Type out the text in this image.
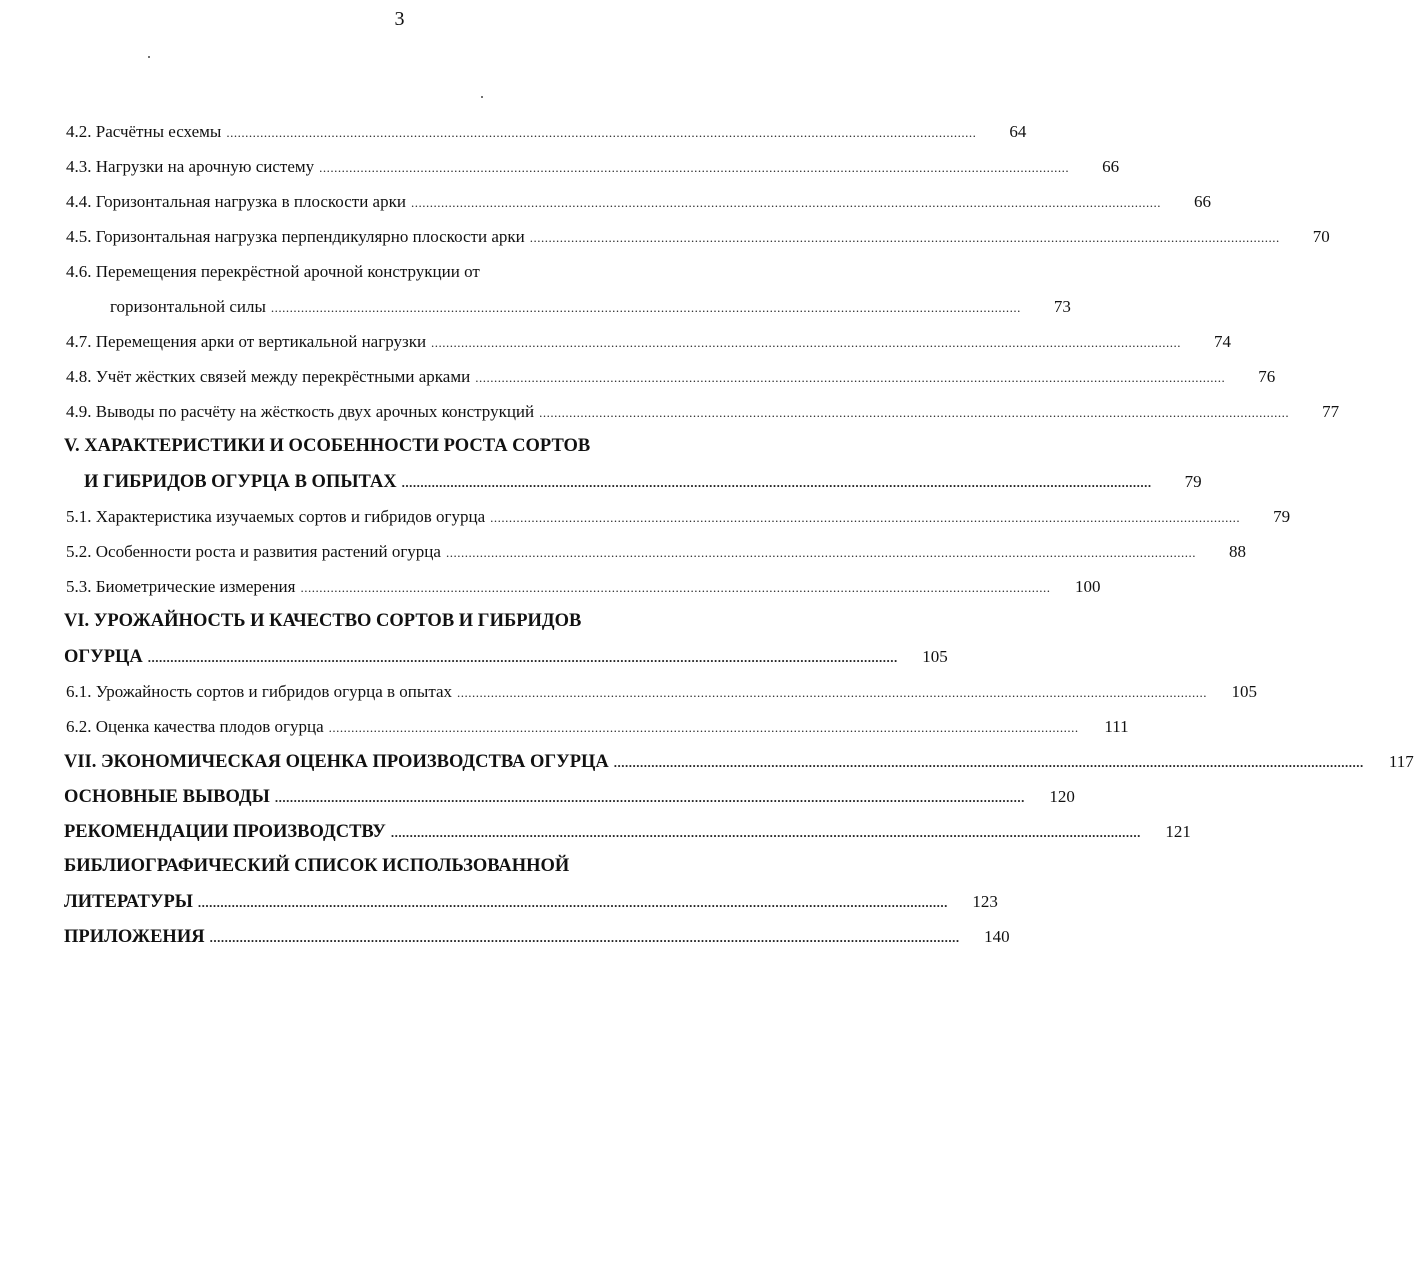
3
4.2. Расчётны есхемы ........................................................................................................................................................................................................	64
4.3. Нагрузки на арочную систему ........................................................................................................................................................................................................	66
4.4. Горизонтальная нагрузка в плоскости арки ........................................................................................................................................................................................................	66
4.5. Горизонтальная нагрузка перпендикулярно плоскости арки ........................................................................................................................................................................................................	70
4.6. Перемещения перекрёстной арочной конструкции от
горизонтальной силы ........................................................................................................................................................................................................	73
4.7. Перемещения арки от вертикальной нагрузки ........................................................................................................................................................................................................	74
4.8. Учёт жёстких связей между перекрёстными арками ........................................................................................................................................................................................................	76
4.9. Выводы по расчёту на жёсткость двух арочных конструкций ........................................................................................................................................................................................................	77
V. ХАРАКТЕРИСТИКИ И ОСОБЕННОСТИ РОСТА СОРТОВ
И ГИБРИДОВ ОГУРЦА В ОПЫТАХ ........................................................................................................................................................................................................	79
5.1. Характеристика изучаемых сортов и гибридов огурца ........................................................................................................................................................................................................	79
5.2. Особенности роста и развития растений огурца ........................................................................................................................................................................................................	88
5.3. Биометрические измерения ........................................................................................................................................................................................................	100
VI. УРОЖАЙНОСТЬ И КАЧЕСТВО СОРТОВ И ГИБРИДОВ
ОГУРЦА ........................................................................................................................................................................................................	105
6.1. Урожайность сортов и гибридов огурца в опытах ........................................................................................................................................................................................................	105
6.2. Оценка качества плодов огурца ........................................................................................................................................................................................................	111
VII. ЭКОНОМИЧЕСКАЯ ОЦЕНКА ПРОИЗВОДСТВА ОГУРЦА ........................................................................................................................................................................................................	117
ОСНОВНЫЕ ВЫВОДЫ ........................................................................................................................................................................................................	120
РЕКОМЕНДАЦИИ ПРОИЗВОДСТВУ ........................................................................................................................................................................................................	121
БИБЛИОГРАФИЧЕСКИЙ СПИСОК ИСПОЛЬЗОВАННОЙ
ЛИТЕРАТУРЫ ........................................................................................................................................................................................................	123
ПРИЛОЖЕНИЯ ........................................................................................................................................................................................................	140
